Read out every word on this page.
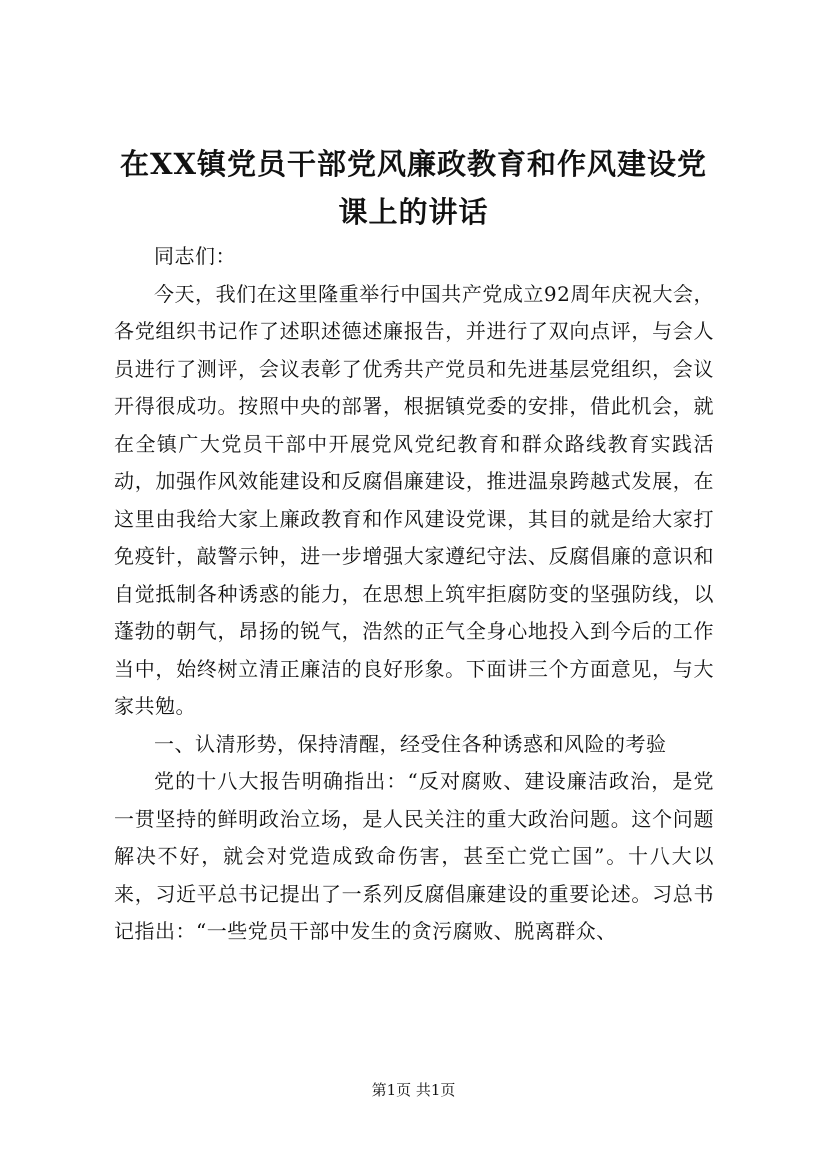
在XX镇党员干部党风廉政教育和作风建设党
课上的讲话

同志们：

今天，我们在这里隆重举行中国共产党成立92周年庆祝大会，各党组织书记作了述职述德述廉报告，并进行了双向点评，与会人员进行了测评，会议表彰了优秀共产党员和先进基层党组织，会议开得很成功。按照中央的部署，根据镇党委的安排，借此机会，就在全镇广大党员干部中开展党风党纪教育和群众路线教育实践活动，加强作风效能建设和反腐倡廉建设，推进温泉跨越式发展，在这里由我给大家上廉政教育和作风建设党课，其目的就是给大家打免疫针，敲警示钟，进一步增强大家遵纪守法、反腐倡廉的意识和自觉抵制各种诱惑的能力，在思想上筑牢拒腐防变的坚强防线，以蓬勃的朝气，昂扬的锐气，浩然的正气全身心地投入到今后的工作当中，始终树立清正廉洁的良好形象。下面讲三个方面意见，与大家共勉。

一、认清形势，保持清醒，经受住各种诱惑和风险的考验

党的十八大报告明确指出：“反对腐败、建设廉洁政治，是党一贯坚持的鲜明政治立场，是人民关注的重大政治问题。这个问题解决不好，就会对党造成致命伤害，甚至亡党亡国”。十八大以来，习近平总书记提出了一系列反腐倡廉建设的重要论述。习总书记指出：“一些党员干部中发生的贪污腐败、脱离群众、

第1页 共1页
